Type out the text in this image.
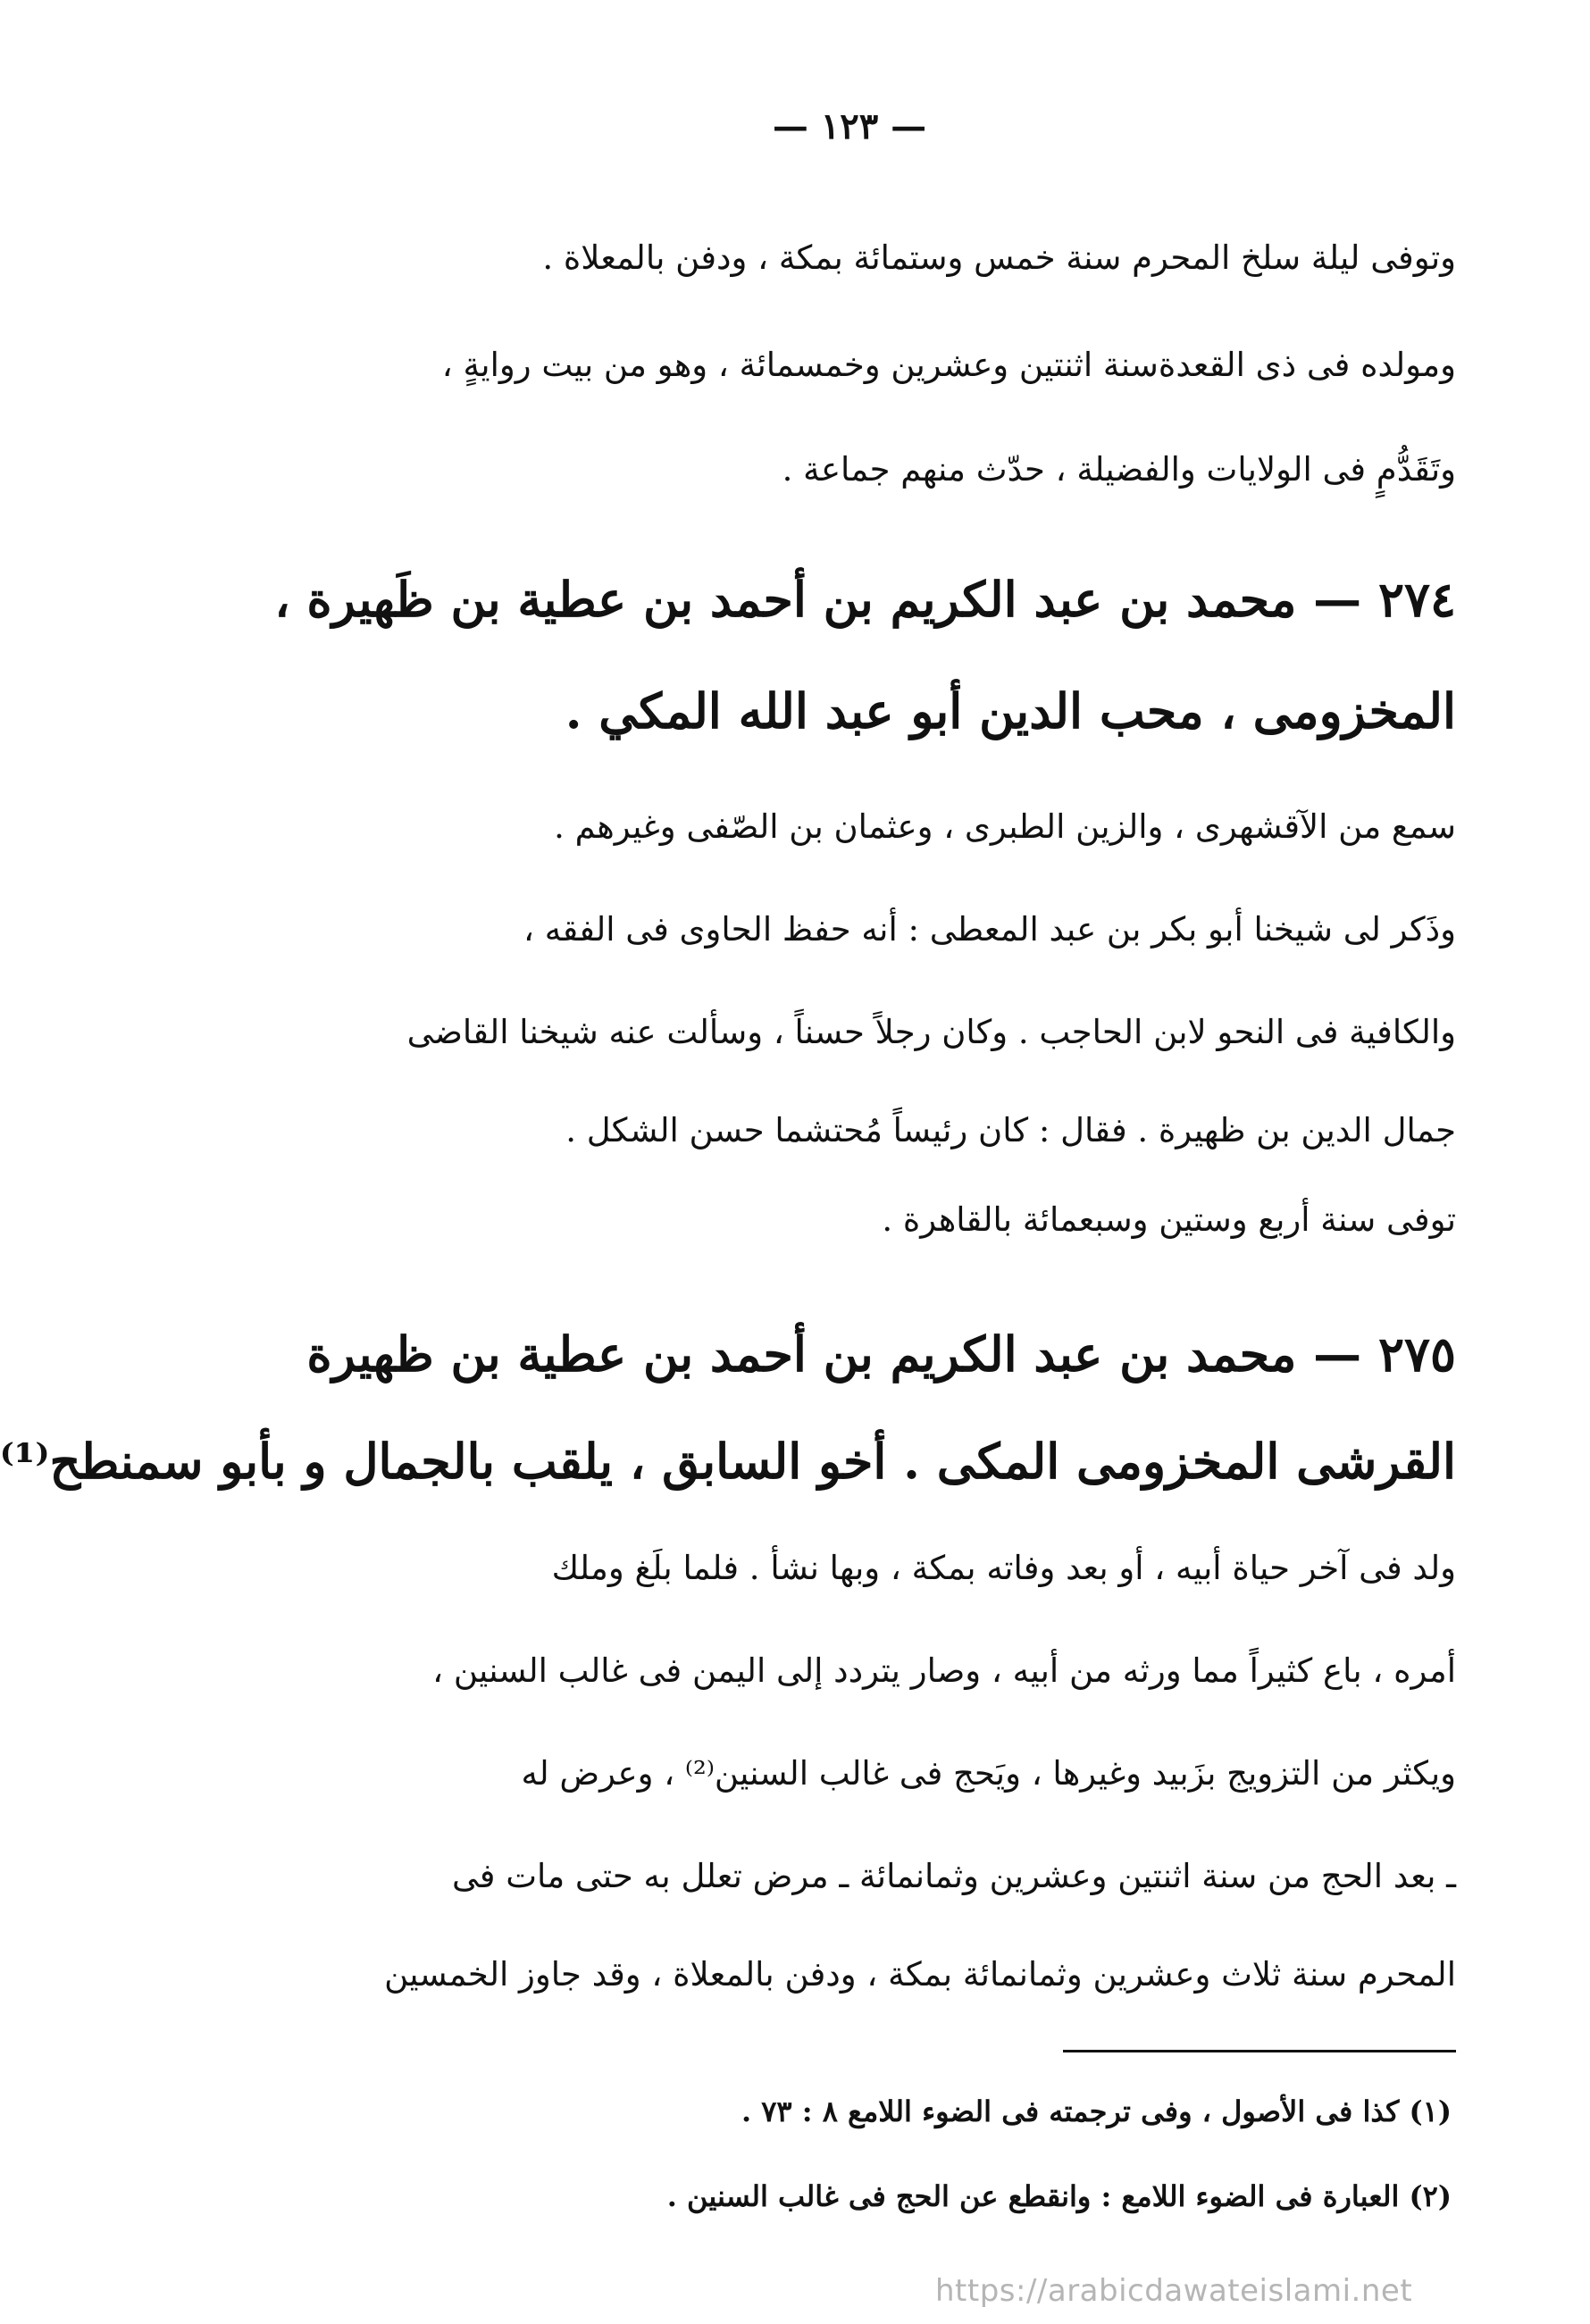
— ١٢٣ —
وتوفى ليلة سلخ المحرم سنة خمس وستمائة بمكة ، ودفن بالمعلاة .
ومولده فى ذى القعدةسنة اثنتين وعشرين وخمسمائة ، وهو من بيت روايةٍ ،
وتَقَدُّمٍ فى الولايات والفضيلة ، حدّث منهم جماعة .
٢٧٤ — محمد بن عبد الكريم بن أحمد بن عطية بن ظَهيرة ،
المخزومى ، محب الدين أبو عبد الله المكي .
سمع من الآقشهرى ، والزين الطبرى ، وعثمان بن الصّفى وغيرهم .
وذَكر لى شيخنا أبو بكر بن عبد المعطى : أنه حفظ الحاوى فى الفقه ،
والكافية فى النحو لابن الحاجب . وكان رجلاً حسناً ، وسألت عنه شيخنا القاضى
جمال الدين بن ظهيرة . فقال : كان رئيساً مُحتشما حسن الشكل .
توفى سنة أربع وستين وسبعمائة بالقاهرة .
٢٧٥ — محمد بن عبد الكريم بن أحمد بن عطية بن ظهيرة
القرشى المخزومى المكى . أخو السابق ، يلقب بالجمال و بأبو سمنطح⁽¹⁾
ولد فى آخر حياة أبيه ، أو بعد وفاته بمكة ، وبها نشأ . فلما بلَغ وملك
أمره ، باع كثيراً مما ورثه من أبيه ، وصار يتردد إلى اليمن فى غالب السنين ،
ويكثر من التزويج بزَبيد وغيرها ، ويَحج فى غالب السنين⁽²⁾ ، وعرض له
ـ بعد الحج من سنة اثنتين وعشرين وثمانمائة ـ مرض تعلل به حتى مات فى
المحرم سنة ثلاث وعشرين وثمانمائة بمكة ، ودفن بالمعلاة ، وقد جاوز الخمسين
(١) كذا فى الأصول ، وفى ترجمته فى الضوء اللامع ٨ : ٧٣ .
(٢) العبارة فى الضوء اللامع : وانقطع عن الحج فى غالب السنين .
https://arabicdawateislami.net
